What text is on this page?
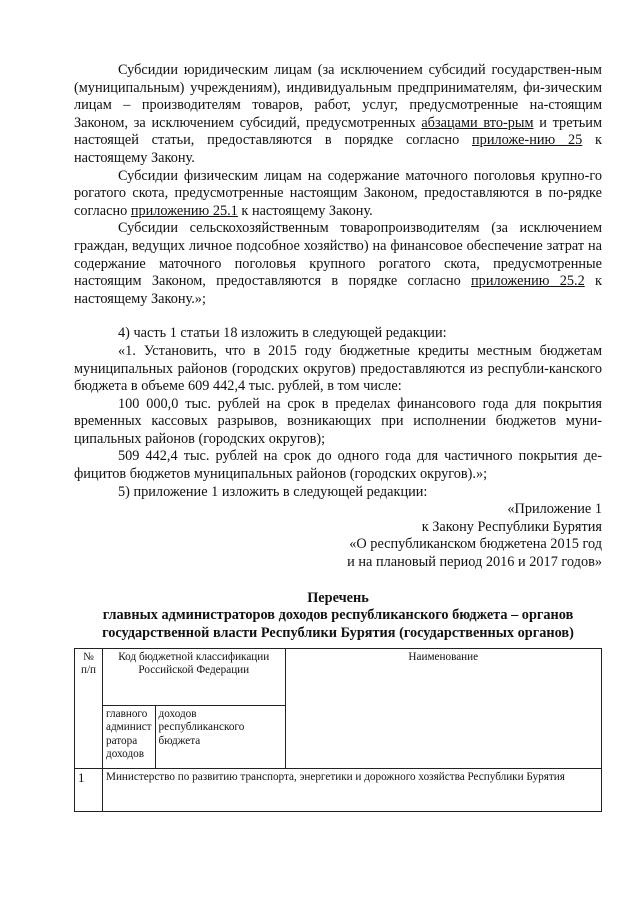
Субсидии юридическим лицам (за исключением субсидий государствен-ным (муниципальным) учреждениям), индивидуальным предпринимателям, фи-зическим лицам – производителям товаров, работ, услуг, предусмотренные на-стоящим Законом, за исключением субсидий, предусмотренных абзацами вто-рым и третьим настоящей статьи, предоставляются в порядке согласно приложе-нию 25 к настоящему Закону.

Субсидии физическим лицам на содержание маточного поголовья крупно-го рогатого скота, предусмотренные настоящим Законом, предоставляются в по-рядке согласно приложению 25.1 к настоящему Закону.

Субсидии сельскохозяйственным товаропроизводителям (за исключением граждан, ведущих личное подсобное хозяйство) на финансовое обеспечение затрат на содержание маточного поголовья крупного рогатого скота, предусмотренные настоящим Законом, предоставляются в порядке согласно приложению 25.2 к настоящему Закону.»;

4) часть 1 статьи 18 изложить в следующей редакции:

«1. Установить, что в 2015 году бюджетные кредиты местным бюджетам муниципальных районов (городских округов) предоставляются из республи-канского бюджета в объеме 609 442,4 тыс. рублей, в том числе:

100 000,0 тыс. рублей на срок в пределах финансового года для покрытия временных кассовых разрывов, возникающих при исполнении бюджетов муни-ципальных районов (городских округов);

509 442,4 тыс. рублей на срок до одного года для частичного покрытия де-фицитов бюджетов муниципальных районов (городских округов).»;

5) приложение 1 изложить в следующей редакции:

«Приложение 1

к Закону Республики Бурятия

«О республиканском бюджетена 2015 год

и на плановый период 2016 и 2017 годов»

Перечень

главных администраторов доходов республиканского бюджета – органов

государственной власти Республики Бурятия (государственных органов)

№ п/п	Код бюджетной классификации Российской Федерации		Наименование
	главного админист ратора доходов	доходов республиканского бюджета	
1	Министерство по развитию транспорта, энергетики и дорожного хозяйства Республики Бурятия		
